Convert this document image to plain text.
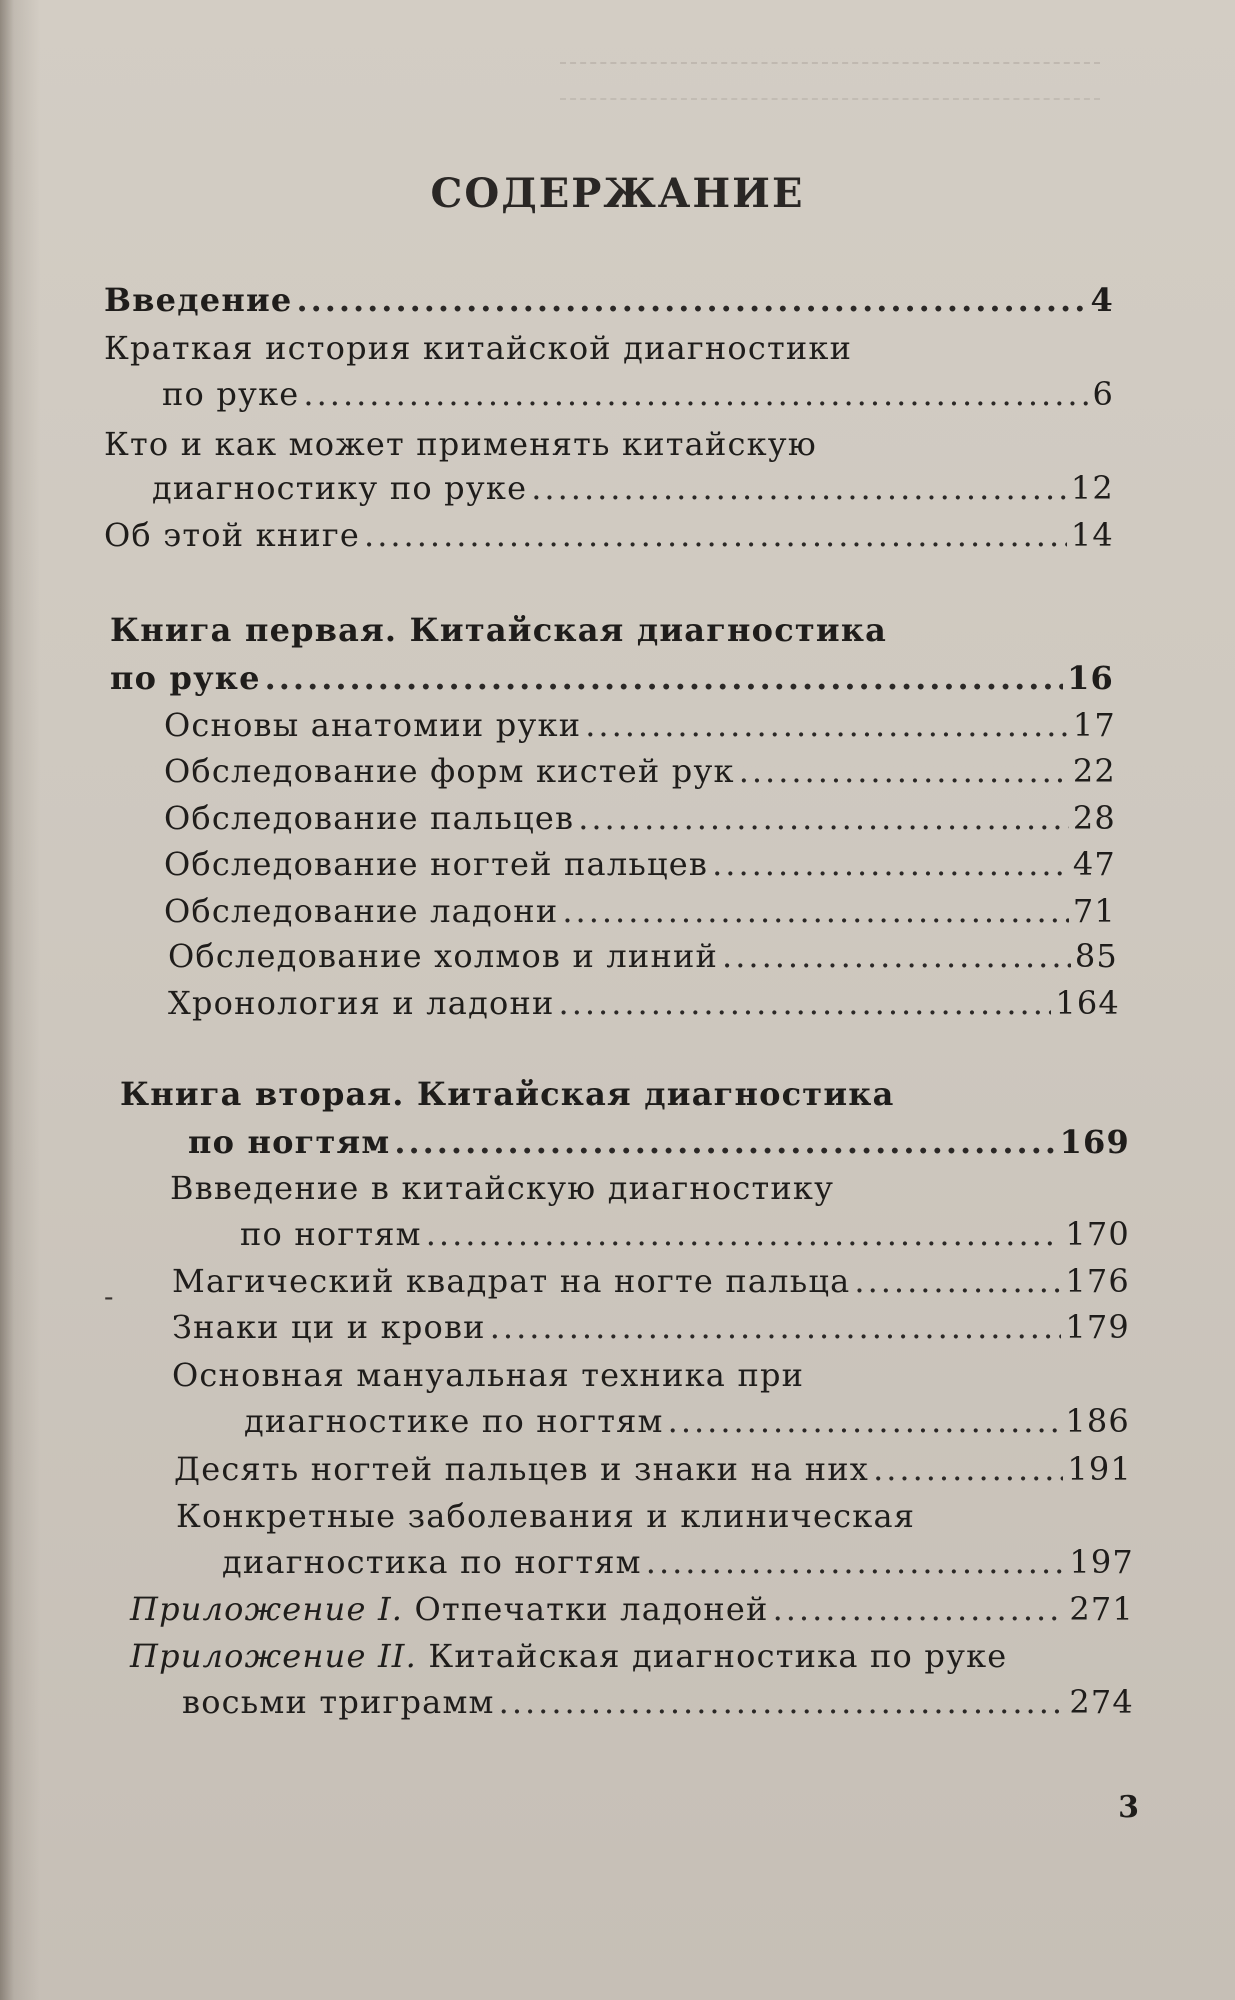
СОДЕРЖАНИЕ
Введение .....	4
Краткая история китайской диагностики
по руке .....	6
Кто и как может применять китайскую
диагностику по руке .....	12
Об этой книге .....	14
Книга первая. Китайская диагностика
по руке .....	16
Основы анатомии руки .....	17
Обследование форм кистей рук .....	22
Обследование пальцев .....	28
Обследование ногтей пальцев .....	47
Обследование ладони .....	71
Обследование холмов и линий .....	85
Хронология и ладони .....	164
Книга вторая. Китайская диагностика
по ногтям .....	169
Ввведение в китайскую диагностику
по ногтям .....	170
Магический квадрат на ногте пальца .....	176
Знаки ци и крови .....	179
Основная мануальная техника при
диагностике по ногтям .....	186
Десять ногтей пальцев и знаки на них .....	191
Конкретные заболевания и клиническая
диагностика по ногтям .....	197
Приложение I. Отпечатки ладоней .....	271
Приложение II. Китайская диагностика по руке
восьми триграмм .....	274
-
3
